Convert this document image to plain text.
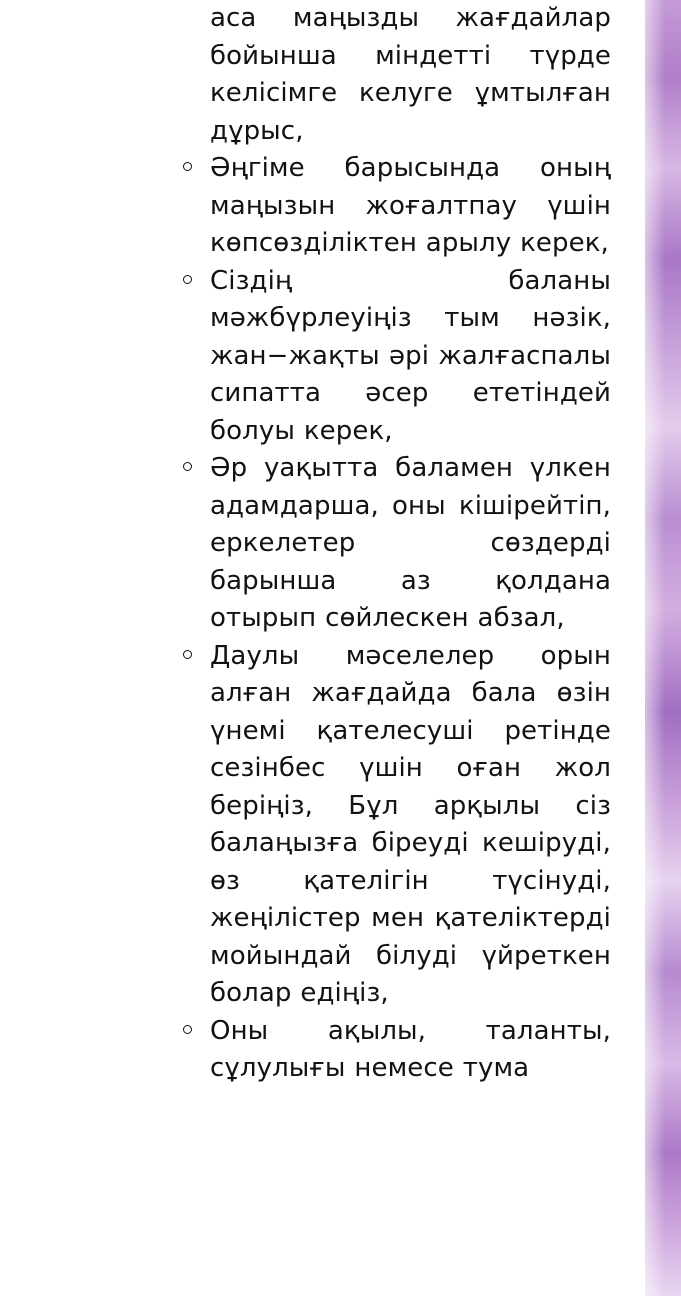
аса маңызды жағдайлар бойынша міндетті түрде келісімге келуге ұмтылған дұрыс,

Әңгіме барысында оның маңызын жоғалтпау үшін көпсөзділіктен арылу керек,

Сіздің баланы мәжбүрлеуіңіз тым нәзік, жан−жақты әрі жалғаспалы сипатта әсер ететіндей болуы керек,

Әр уақытта баламен үлкен адамдарша, оны кішірейтіп, еркелетер сөздерді барынша аз қолдана отырып сөйлескен абзал,

Даулы мәселелер орын алған жағдайда бала өзін үнемі қателесуші ретінде сезінбес үшін оған жол беріңіз, Бұл арқылы сіз балаңызға біреуді кешіруді, өз қателігін түсінуді, жеңілістер мен қателіктерді мойындай білуді үйреткен болар едіңіз,

Оны ақылы, таланты, сұлулығы немесе тума
